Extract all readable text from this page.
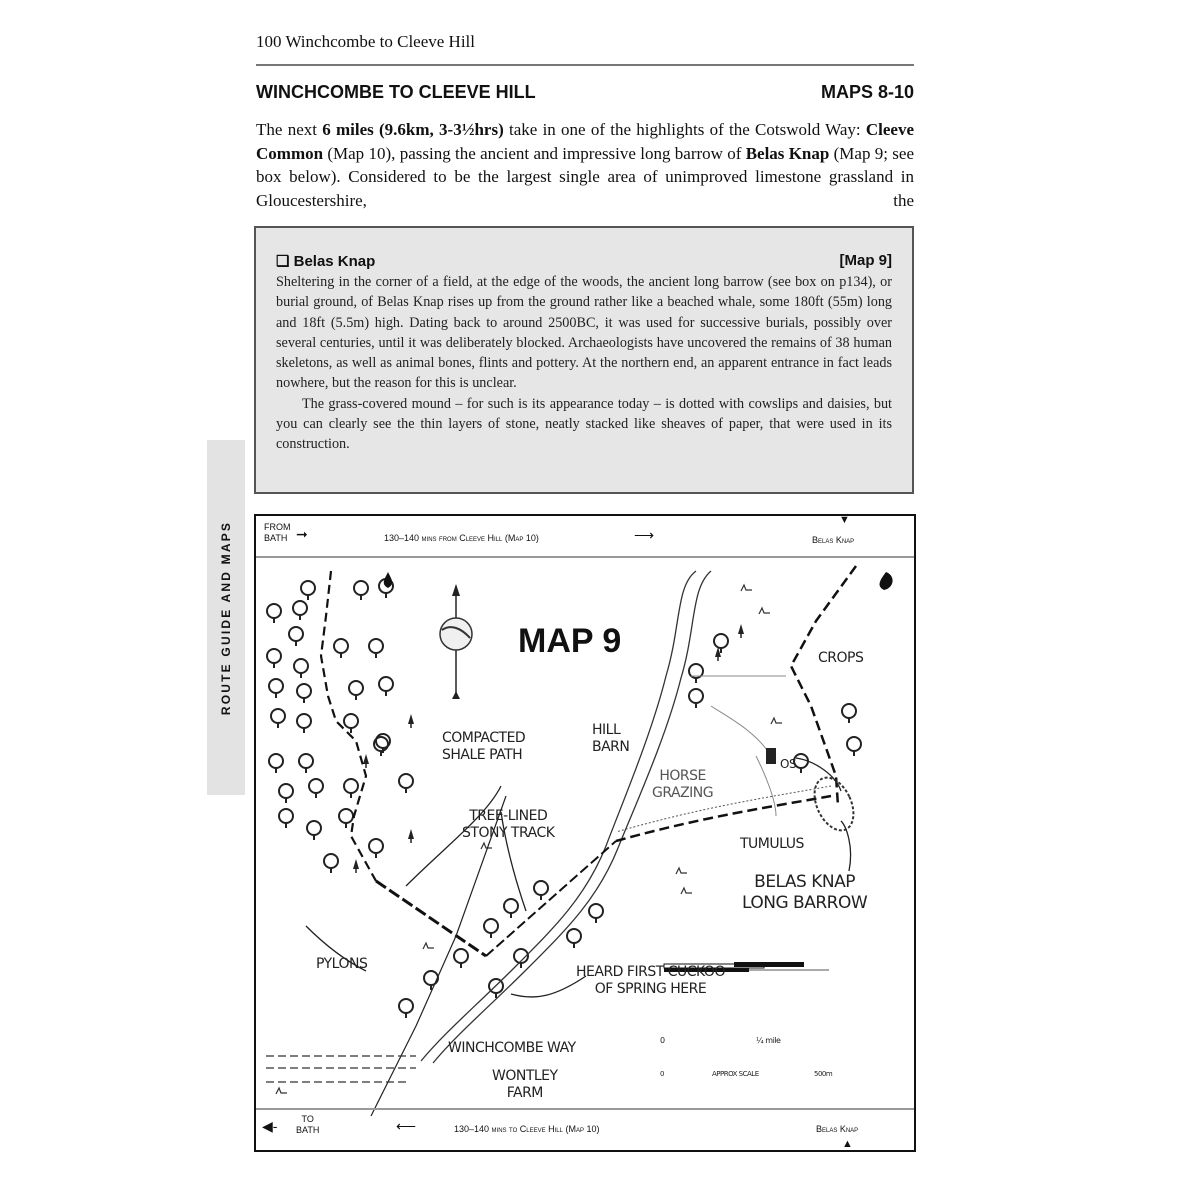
100 Winchcombe to Cleeve Hill
WINCHCOMBE TO CLEEVE HILL	MAPS 8-10

The next 6 miles (9.6km, 3-3½hrs) take in one of the highlights of the Cotswold Way: Cleeve Common (Map 10), passing the ancient and impressive long barrow of Belas Knap (Map 9; see box below). Considered to be the largest single area of unimproved limestone grassland in Gloucestershire, the

❏ Belas Knap	[Map 9]

Sheltering in the corner of a field, at the edge of the woods, the ancient long barrow (see box on p134), or burial ground, of Belas Knap rises up from the ground rather like a beached whale, some 180ft (55m) long and 18ft (5.5m) high. Dating back to around 2500BC, it was used for successive burials, possibly over several centuries, until it was deliberately blocked. Archaeologists have uncovered the remains of 38 human skeletons, as well as animal bones, flints and pottery. At the northern end, an apparent entrance in fact leads nowhere, but the reason for this is unclear.

The grass-covered mound – for such is its appearance today – is dotted with cowslips and daisies, but you can clearly see the thin layers of stone, neatly stacked like sheaves of paper, that were used in its construction.

ROUTE GUIDE AND MAPS	FROM
BATH ➞	130–140 mins from Cleeve Hill (Map 10)	⟶	Belas Knap
▼
MAP 9
COMPACTED
SHALE PATH
HILL
BARN
CROPS
OS
HORSE
GRAZING
TREE-LINED
STONY TRACK
TUMULUS
BELAS KNAP
LONG BARROW
PYLONS	HEARD FIRST CUCKOO
OF SPRING HERE
WINCHCOMBE WAY
WONTLEY
FARM
0	¼ mile
0	APPROX SCALE	500m
◀‑	TO
BATH	⟵	130–140 mins to Cleeve Hill (Map 10)	Belas Knap
▲
